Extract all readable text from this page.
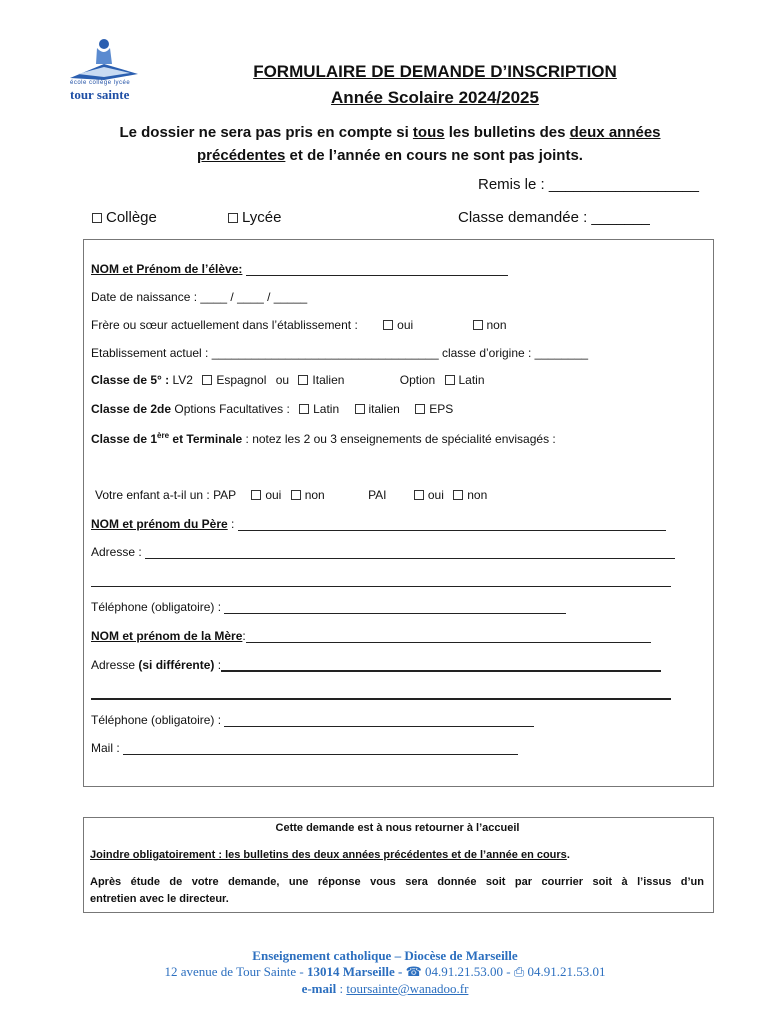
école collège lycée
tour sainte
FORMULAIRE DE DEMANDE D’INSCRIPTION
Année Scolaire 2024/2025
Le dossier ne sera pas pris en compte si tous les bulletins des deux années
précédentes et de l’année en cours ne sont pas joints.
Remis le : __________________
Collège	Lycée	Classe demandée : _______
NOM et Prénom de l’élève:
Date de naissance : ____ / ____ / _____
Frère ou sœur actuellement dans l’établissement :	oui	non
Etablissement actuel : __________________________________ classe d’origine : ________
Classe de 5° : LV2 Espagnol ou Italien	Option Latin
Classe de 2de Options Facultatives : Latin italien EPS
Classe de 1ère et Terminale : notez les 2 ou 3 enseignements de spécialité envisagés :
Votre enfant a-t-il un : PAP oui non	PAI	oui non
NOM et prénom du Père :
Adresse :
Téléphone (obligatoire) :
NOM et prénom de la Mère:
Adresse (si différente) :
Téléphone (obligatoire) :
Mail :
Cette demande est à nous retourner à l’accueil
Joindre obligatoirement : les bulletins des deux années précédentes et de l’année en cours.
Après étude de votre demande, une réponse vous sera donnée soit par courrier soit à l’issus d’un
entretien avec le directeur.
Enseignement catholique – Diocèse de Marseille
12 avenue de Tour Sainte - 13014 Marseille - ☎ 04.91.21.53.00 - ⎙ 04.91.21.53.01
e-mail : toursainte@wanadoo.fr
